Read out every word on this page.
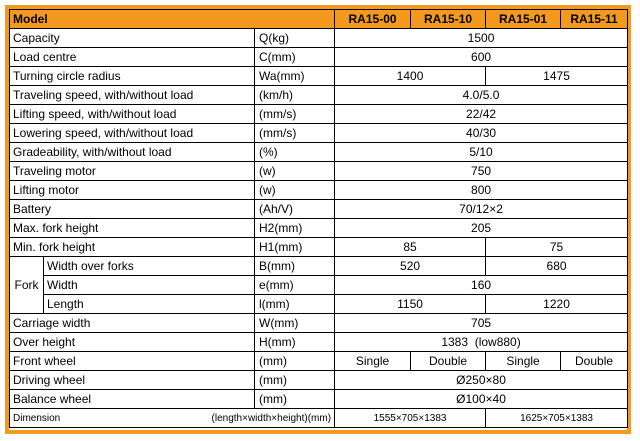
Model			RA15-00	RA15-10	RA15-01	RA15-11
Capacity		Q(kg)	1500			
Load centre		C(mm)	600			
Turning circle radius		Wa(mm)	1400		1475	
Traveling speed, with/without load		(km/h)	4.0/5.0			
Lifting speed, with/without load		(mm/s)	22/42			
Lowering speed, with/without load		(mm/s)	40/30			
Gradeability, with/without load		(%)	5/10			
Traveling motor		(w)	750			
Lifting motor		(w)	800			
Battery		(Ah/V)	70/12×2			
Max. fork height		H2(mm)	205			
Min. fork height		H1(mm)	85		75	
Fork	Width over forks	B(mm)	520		680	
	Width	e(mm)	160			
	Length	l(mm)	1150		1220	
Carriage width		W(mm)	705			
Over height		H(mm)	1383  (low880)			
Front wheel		(mm)	Single	Double	Single	Double
Driving wheel		(mm)	Ø250×80			
Balance wheel		(mm)	Ø100×40			
Dimension	(length×width×height)(mm)		1555×705×1383		1625×705×1383	
